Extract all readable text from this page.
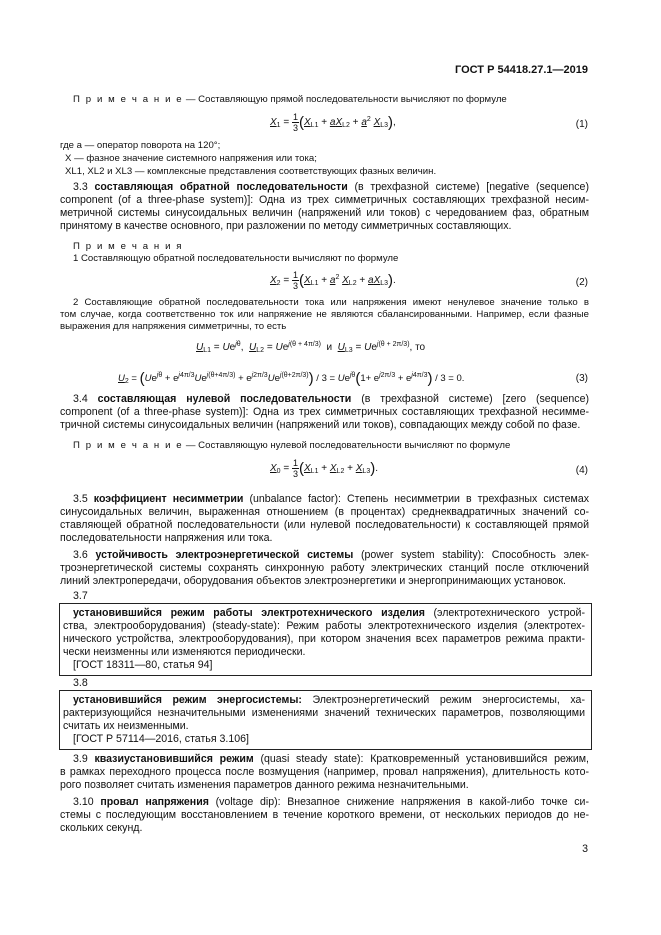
ГОСТ Р 54418.27.1—2019
П р и м е ч а н и е — Составляющую прямой последовательности вычисляют по формуле
$X_1 = \frac{1}{3} (X_{L1} + aX_{L2} + a^2$ $X_{L3}$),	(1)
где a — оператор поворота на 120°;
X — фазное значение системного напряжения или тока;
XL1, XL2 и XL3 — комплексные представления соответствующих фазных величин.
3.3 составляющая обратной последовательности (в трехфазной системе) [negative (sequence)
component (of a three-phase system)]: Одна из трех симметричных составляющих трехфазной несим-
метричной системы синусоидальных величин (напряжений или токов) с чередованием фаз, обратным
принятому в качестве основного, при разложении по методу симметричных составляющих.
П р и м е ч а н и я
1 Составляющую обратной последовательности вычисляют по формуле
$X_2 = \frac{1}{3} (X_{L1} + a^2$ $X_{L2} + aX_{L3}$).	(2)
2 Составляющие обратной последовательности тока или напряжения имеют ненулевое значение только в
том случае, когда соответственно ток или напряжение не являются сбалансированными. Например, если фазные
выражения для напряжения симметричны, то есть
$U_{L1} = Ue^{j\theta}$,  $U_{L2} = Ue^{j(\theta + 4\pi/3)}$  и  $U_{L3} = Ue^{j(\theta + 2\pi/3)}$, то
$U_2 = (Ue^{j\theta} + e^{j4\pi/3}Ue^{j(\theta+4\pi/3)} + e^{j2\pi/3}Ue^{j(\theta+2\pi/3)}) / 3 = Ue^{j\theta}(1+ e^{j2\pi/3} + e^{j4\pi/3}) / 3 = 0$.	(3)
3.4 составляющая нулевой последовательности (в трехфазной системе) [zero (sequence)
component (of a three-phase system)]: Одна из трех симметричных составляющих трехфазной несимме-
тричной системы синусоидальных величин (напряжений или токов), совпадающих между собой по фазе.
П р и м е ч а н и е — Составляющую нулевой последовательности вычисляют по формуле
$X_0 = \frac{1}{3} (X_{L1} + X_{L2} + X_{L3})$.	(4)
3.5 коэффициент несимметрии (unbalance factor): Степень несимметрии в трехфазных системах
синусоидальных величин, выраженная отношением (в процентах) среднеквадратичных значений со-
ставляющей обратной последовательности (или нулевой последовательности) к составляющей прямой
последовательности напряжения или тока.
3.6 устойчивость электроэнергетической системы (power system stability): Способность элек-
троэнергетической системы сохранять синхронную работу электрических станций после отключений
линий электропередачи, оборудования объектов электроэнергетики и энергопринимающих установок.
3.7
установившийся режим работы электротехнического изделия (электротехнического устрой-
ства, электрооборудования) (steady-state): Режим работы электротехнического изделия (электротех-
нического устройства, электрооборудования), при котором значения всех параметров режима практи-
чески неизменны или изменяются периодически.
[ГОСТ 18311—80, статья 94]
3.8
установившийся режим энергосистемы: Электроэнергетический режим энергосистемы, ха-
рактеризующийся незначительными изменениями значений технических параметров, позволяющими
считать их неизменными.
[ГОСТ Р 57114—2016, статья 3.106]
3.9 квазиустановившийся режим (quasi steady state): Кратковременный установившийся режим,
в рамках переходного процесса после возмущения (например, провал напряжения), длительность кото-
рого позволяет считать изменения параметров данного режима незначительными.
3.10 провал напряжения (voltage dip): Внезапное снижение напряжения в какой-либо точке си-
стемы с последующим восстановлением в течение короткого времени, от нескольких периодов до не-
скольких секунд.
3
